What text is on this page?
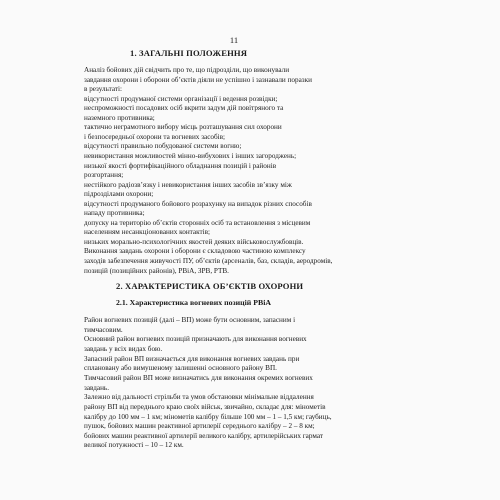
11
1. ЗАГАЛЬНІ ПОЛОЖЕННЯ
Аналіз бойових дій свідчить про те, що підрозділи, що виконували
завдання охорони і оборони об’єктів діяли не успішно і зазнавали поразки
в результаті:
відсутності продуманої системи організації і ведення розвідки;
неспроможності посадових осіб вкрити задум дій повітряного та
наземного противника;
тактично неграмотного вибору місць розташування сил охорони
і безпосередньої охорони та вогневих засобів;
відсутності правильно побудованої системи вогню;
невикористання можливостей мінно-вибухових і інших загороджень;
низької якості фортифікаційного обладнання позицій і районів
розгортання;
нестійкого радіозв’язку і невикористання інших засобів зв’язку між
підрозділами охорони;
відсутності продуманого бойового розрахунку на випадок різних способів
нападу противника;
допуску на територію об’єктів сторонніх осіб та встановлення з місцевим
населенням несанкціонованих контактів;
низьких морально-психологічних якостей деяких військовослужбовців.
Виконання завдань охорони і оборони є складовою частиною комплексу
заходів забезпечення живучості ПУ, об’єктів (арсеналів, баз, складів, аеродромів,
позицій (позиційних районів), РВіА, ЗРВ, РТВ.
2. ХАРАКТЕРИСТИКА ОБ’ЄКТІВ ОХОРОНИ
2.1. Характеристика вогневих позицій РВіА
Район вогневих позицій (далі – ВП) може бути основним, запасним і
тимчасовим.
Основний район вогневих позицій призначають для виконання вогневих
завдань у всіх видах бою.
Запасний район ВП визначається для виконання вогневих завдань при
сплановану або вимушеному залишенні основного району ВП.
Тимчасовий район ВП може визначатись для виконання окремих вогневих
завдань.
Залежно від дальності стрільби та умов обстановки мінімальне віддалення
району ВП від переднього краю своїх військ, звичайно, складає для: мінометів
калібру до 100 мм – 1 км; мінометів калібру більше 100 мм – 1 – 1,5 км; гаубиць,
пушок, бойових машин реактивної артилерії середнього калібру – 2 – 8 км;
бойових машин реактивної артилерії великого калібру, артилерійських гармат
великої потужності – 10 – 12 км.
